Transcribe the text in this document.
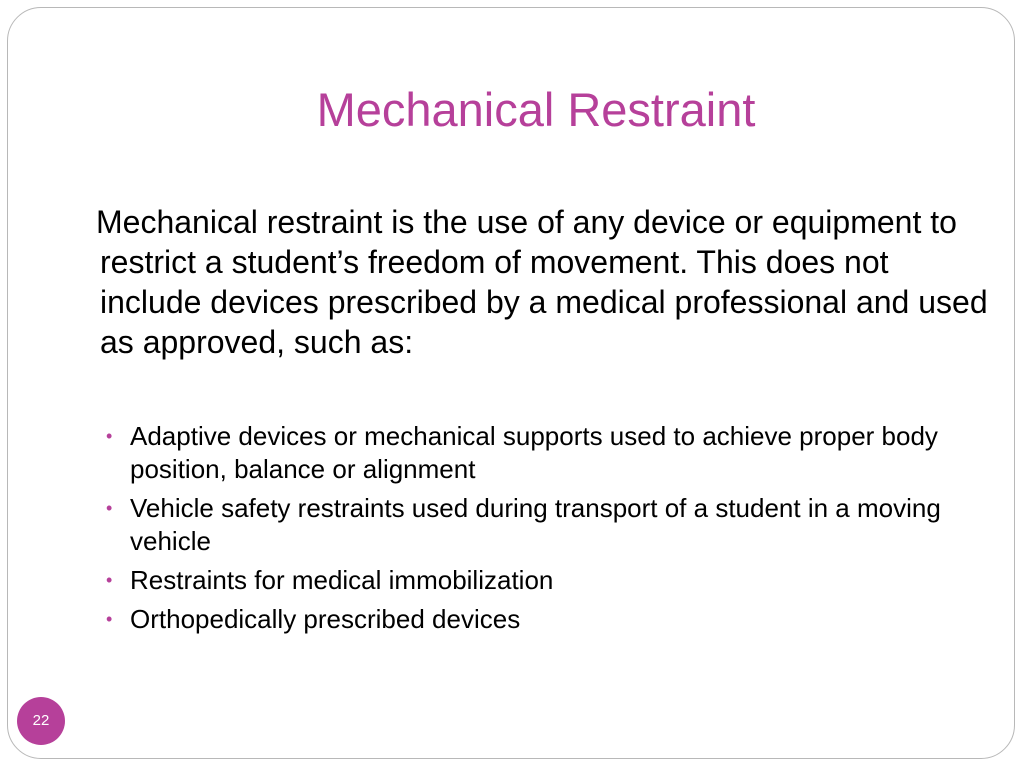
Mechanical Restraint
Mechanical restraint is the use of any device or equipment to restrict a student’s freedom of movement. This does not include devices prescribed by a medical professional and used as approved, such as:
• Adaptive devices or mechanical supports used to achieve proper body position, balance or alignment
• Vehicle safety restraints used during transport of a student in a moving vehicle
• Restraints for medical immobilization
• Orthopedically prescribed devices
22
